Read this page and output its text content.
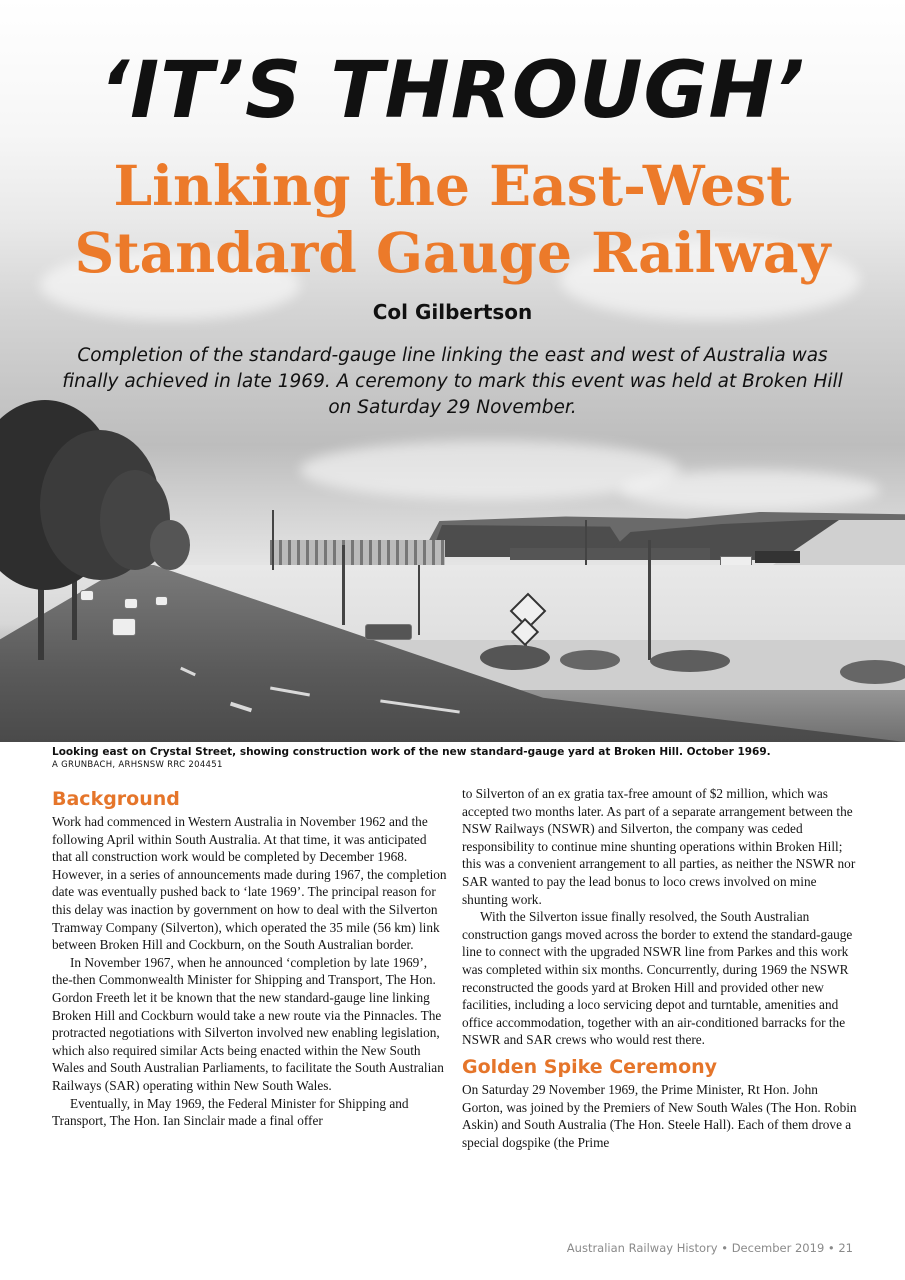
‘IT’S THROUGH’
Linking the East-West
Standard Gauge Railway
Col Gilbertson
Completion of the standard-gauge line linking the east and west of Australia was finally achieved in late 1969. A ceremony to mark this event was held at Broken Hill on Saturday 29 November.
Looking east on Crystal Street, showing construction work of the new standard-gauge yard at Broken Hill. October 1969.
A GRUNBACH, ARHSNSW RRC 204451
Background

Work had commenced in Western Australia in November 1962 and the following April within South Australia. At that time, it was anticipated that all construction work would be completed by December 1968. However, in a series of announcements made during 1967, the completion date was eventually pushed back to ‘late 1969’. The principal reason for this delay was inaction by government on how to deal with the Silverton Tramway Company (Silverton), which operated the 35 mile (56 km) link between Broken Hill and Cockburn, on the South Australian border.

In November 1967, when he announced ‘completion by late 1969’, the-then Commonwealth Minister for Shipping and Transport, The Hon. Gordon Freeth let it be known that the new standard-gauge line linking Broken Hill and Cockburn would take a new route via the Pinnacles. The protracted negotiations with Silverton involved new enabling legislation, which also required similar Acts being enacted within the New South Wales and South Australian Parliaments, to facilitate the South Australian Railways (SAR) operating within New South Wales.

Eventually, in May 1969, the Federal Minister for Shipping and Transport, The Hon. Ian Sinclair made a final offer

to Silverton of an ex gratia tax-free amount of $2 million, which was accepted two months later. As part of a separate arrangement between the NSW Railways (NSWR) and Silverton, the company was ceded responsibility to continue mine shunting operations within Broken Hill; this was a convenient arrangement to all parties, as neither the NSWR nor SAR wanted to pay the lead bonus to loco crews involved on mine shunting work.

With the Silverton issue finally resolved, the South Australian construction gangs moved across the border to extend the standard-gauge line to connect with the upgraded NSWR line from Parkes and this work was completed within six months. Concurrently, during 1969 the NSWR reconstructed the goods yard at Broken Hill and provided other new facilities, including a loco servicing depot and turntable, amenities and office accommodation, together with an air-conditioned barracks for the NSWR and SAR crews who would rest there.

Golden Spike Ceremony

On Saturday 29 November 1969, the Prime Minister, Rt Hon. John Gorton, was joined by the Premiers of New South Wales (The Hon. Robin Askin) and South Australia (The Hon. Steele Hall). Each of them drove a special dogspike (the Prime

Australian Railway History • December 2019 • 21
